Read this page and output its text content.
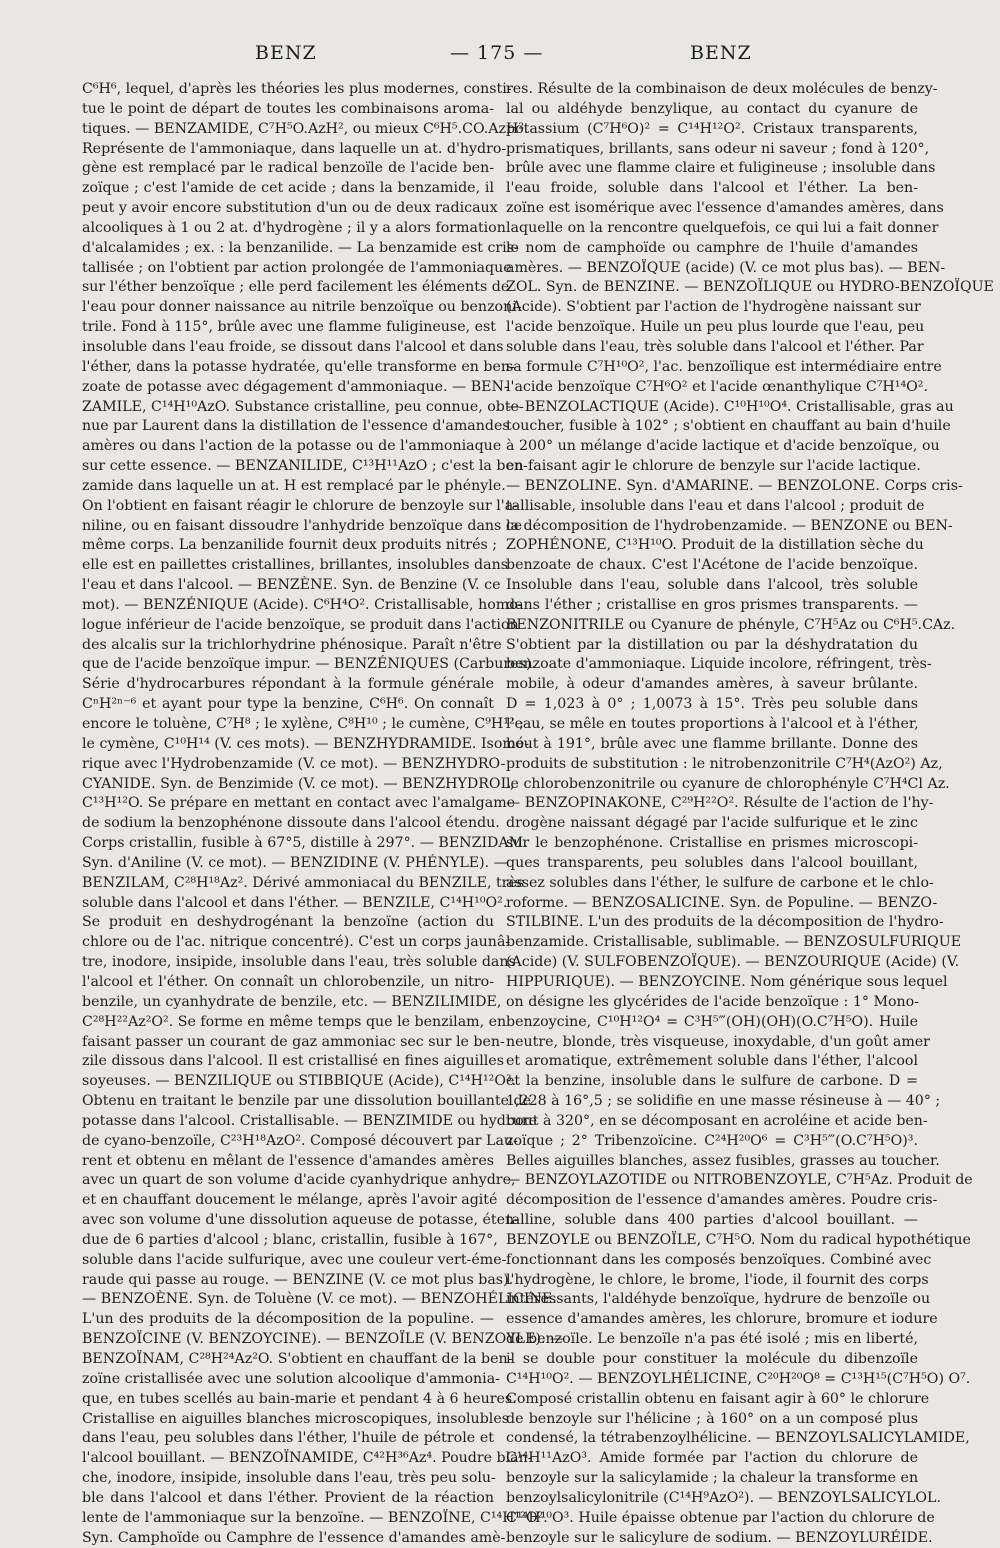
BENZ	— 175 —	BENZ

C⁶H⁶, lequel, d'après les théories les plus modernes, consti-

tue le point de départ de toutes les combinaisons aroma-

tiques. — BENZAMIDE, C⁷H⁵O.AzH², ou mieux C⁶H⁵.CO.AzH².

Représente de l'ammoniaque, dans laquelle un at. d'hydro-

gène est remplacé par le radical benzoïle de l'acide ben-

zoïque ; c'est l'amide de cet acide ; dans la benzamide, il

peut y avoir encore substitution d'un ou de deux radicaux

alcooliques à 1 ou 2 at. d'hydrogène ; il y a alors formation

d'alcalamides ; ex. : la benzanilide. — La benzamide est cris-

tallisée ; on l'obtient par action prolongée de l'ammoniaque

sur l'éther benzoïque ; elle perd facilement les éléments de

l'eau pour donner naissance au nitrile benzoïque ou benzoni-

trile. Fond à 115°, brûle avec une flamme fuligineuse, est

insoluble dans l'eau froide, se dissout dans l'alcool et dans

l'éther, dans la potasse hydratée, qu'elle transforme en ben-

zoate de potasse avec dégagement d'ammoniaque. — BEN-

ZAMILE, C¹⁴H¹⁰AzO. Substance cristalline, peu connue, obte-

nue par Laurent dans la distillation de l'essence d'amandes

amères ou dans l'action de la potasse ou de l'ammoniaque

sur cette essence. — BENZANILIDE, C¹³H¹¹AzO ; c'est la ben-

zamide dans laquelle un at. H est remplacé par le phényle.

On l'obtient en faisant réagir le chlorure de benzoyle sur l'a-

niline, ou en faisant dissoudre l'anhydride benzoïque dans ce

même corps. La benzanilide fournit deux produits nitrés ;

elle est en paillettes cristallines, brillantes, insolubles dans

l'eau et dans l'alcool. — BENZÈNE. Syn. de Benzine (V. ce

mot). — BENZÉNIQUE (Acide). C⁶H⁴O². Cristallisable, homo-

logue inférieur de l'acide benzoïque, se produit dans l'action

des alcalis sur la trichlorhydrine phénosique. Paraît n'être

que de l'acide benzoïque impur. — BENZÉNIQUES (Carbures).

Série d'hydrocarbures répondant à la formule générale

CⁿH²ⁿ⁻⁶ et ayant pour type la benzine, C⁶H⁶. On connaît

encore le toluène, C⁷H⁸ ; le xylène, C⁸H¹⁰ ; le cumène, C⁹H¹² ;

le cymène, C¹⁰H¹⁴ (V. ces mots). — BENZHYDRAMIDE. Isomé-

rique avec l'Hydrobenzamide (V. ce mot). — BENZHYDRO-

CYANIDE. Syn. de Benzimide (V. ce mot). — BENZHYDROL,

C¹³H¹²O. Se prépare en mettant en contact avec l'amalgame

de sodium la benzophénone dissoute dans l'alcool étendu.

Corps cristallin, fusible à 67°5, distille à 297°. — BENZIDAM.

Syn. d'Aniline (V. ce mot). — BENZIDINE (V. PHÉNYLE). —

BENZILAM, C²⁸H¹⁸Az². Dérivé ammoniacal du BENZILE, très

soluble dans l'alcool et dans l'éther. — BENZILE, C¹⁴H¹⁰O².

Se produit en deshydrogénant la benzoïne (action du

chlore ou de l'ac. nitrique concentré). C'est un corps jaunâ-

tre, inodore, insipide, insoluble dans l'eau, très soluble dans

l'alcool et l'éther. On connaît un chlorobenzile, un nitro-

benzile, un cyanhydrate de benzile, etc. — BENZILIMIDE,

C²⁸H²²Az²O². Se forme en même temps que le benzilam, en

faisant passer un courant de gaz ammoniac sec sur le ben-

zile dissous dans l'alcool. Il est cristallisé en fines aiguilles

soyeuses. — BENZILIQUE ou STIBBIQUE (Acide), C¹⁴H¹²O³.

Obtenu en traitant le benzile par une dissolution bouillante de

potasse dans l'alcool. Cristallisable. — BENZIMIDE ou hydrure

de cyano-benzoïle, C²³H¹⁸AzO². Composé découvert par Lau-

rent et obtenu en mêlant de l'essence d'amandes amères

avec un quart de son volume d'acide cyanhydrique anhydre,

et en chauffant doucement le mélange, après l'avoir agité

avec son volume d'une dissolution aqueuse de potasse, éten-

due de 6 parties d'alcool ; blanc, cristallin, fusible à 167°,

soluble dans l'acide sulfurique, avec une couleur vert-éme-

raude qui passe au rouge. — BENZINE (V. ce mot plus bas).

— BENZOÈNE. Syn. de Toluène (V. ce mot). — BENZOHÉLICINE.

L'un des produits de la décomposition de la populine. —

BENZOÏCINE (V. BENZOYCINE). — BENZOÏLE (V. BENZOYLE). —

BENZOÏNAM, C²⁸H²⁴Az²O. S'obtient en chauffant de la ben-

zoïne cristallisée avec une solution alcoolique d'ammonia-

que, en tubes scellés au bain-marie et pendant 4 à 6 heures.

Cristallise en aiguilles blanches microscopiques, insolubles

dans l'eau, peu solubles dans l'éther, l'huile de pétrole et

l'alcool bouillant. — BENZOÏNAMIDE, C⁴²H³⁶Az⁴. Poudre blan-

che, inodore, insipide, insoluble dans l'eau, très peu solu-

ble dans l'alcool et dans l'éther. Provient de la réaction

lente de l'ammoniaque sur la benzoïne. — BENZOÏNE, C¹⁴H¹²O².

Syn. Camphoïde ou Camphre de l'essence d'amandes amè-

res. Résulte de la combinaison de deux molécules de benzy-

lal ou aldéhyde benzylique, au contact du cyanure de

potassium (C⁷H⁶O)² = C¹⁴H¹²O². Cristaux transparents,

prismatiques, brillants, sans odeur ni saveur ; fond à 120°,

brûle avec une flamme claire et fuligineuse ; insoluble dans

l'eau froide, soluble dans l'alcool et l'éther. La ben-

zoïne est isomérique avec l'essence d'amandes amères, dans

laquelle on la rencontre quelquefois, ce qui lui a fait donner

le nom de camphoïde ou camphre de l'huile d'amandes

amères. — BENZOÏQUE (acide) (V. ce mot plus bas). — BEN-

ZOL. Syn. de BENZINE. — BENZOÏLIQUE ou HYDRO-BENZOÏQUE

(Acide). S'obtient par l'action de l'hydrogène naissant sur

l'acide benzoïque. Huile un peu plus lourde que l'eau, peu

soluble dans l'eau, très soluble dans l'alcool et l'éther. Par

sa formule C⁷H¹⁰O², l'ac. benzoïlique est intermédiaire entre

l'acide benzoïque C⁷H⁶O² et l'acide œnanthylique C⁷H¹⁴O².

— BENZOLACTIQUE (Acide). C¹⁰H¹⁰O⁴. Cristallisable, gras au

toucher, fusible à 102° ; s'obtient en chauffant au bain d'huile

à 200° un mélange d'acide lactique et d'acide benzoïque, ou

en faisant agir le chlorure de benzyle sur l'acide lactique.

— BENZOLINE. Syn. d'AMARINE. — BENZOLONE. Corps cris-

tallisable, insoluble dans l'eau et dans l'alcool ; produit de

la décomposition de l'hydrobenzamide. — BENZONE ou BEN-

ZOPHÉNONE, C¹³H¹⁰O. Produit de la distillation sèche du

benzoate de chaux. C'est l'Acétone de l'acide benzoïque.

Insoluble dans l'eau, soluble dans l'alcool, très soluble

dans l'éther ; cristallise en gros prismes transparents. —

BENZONITRILE ou Cyanure de phényle, C⁷H⁵Az ou C⁶H⁵.CAz.

S'obtient par la distillation ou par la déshydratation du

benzoate d'ammoniaque. Liquide incolore, réfringent, très-

mobile, à odeur d'amandes amères, à saveur brûlante.

D = 1,023 à 0° ; 1,0073 à 15°. Très peu soluble dans

l'eau, se mêle en toutes proportions à l'alcool et à l'éther,

bout à 191°, brûle avec une flamme brillante. Donne des

produits de substitution : le nitrobenzonitrile C⁷H⁴(AzO²) Az,

le chlorobenzonitrile ou cyanure de chlorophényle C⁷H⁴Cl Az.

— BENZOPINAKONE, C²⁹H²²O². Résulte de l'action de l'hy-

drogène naissant dégagé par l'acide sulfurique et le zinc

sur le benzophénone. Cristallise en prismes microscopi-

ques transparents, peu solubles dans l'alcool bouillant,

assez solubles dans l'éther, le sulfure de carbone et le chlo-

roforme. — BENZOSALICINE. Syn. de Populine. — BENZO-

STILBINE. L'un des produits de la décomposition de l'hydro-

benzamide. Cristallisable, sublimable. — BENZOSULFURIQUE

(Acide) (V. SULFOBENZOÏQUE). — BENZOURIQUE (Acide) (V.

HIPPURIQUE). — BENZOYCINE. Nom générique sous lequel

on désigne les glycérides de l'acide benzoïque : 1° Mono-

benzoycine, C¹⁰H¹²O⁴ = C³H⁵‴(OH)(OH)(O.C⁷H⁵O). Huile

neutre, blonde, très visqueuse, inoxydable, d'un goût amer

et aromatique, extrêmement soluble dans l'éther, l'alcool

et la benzine, insoluble dans le sulfure de carbone. D =

1,228 à 16°,5 ; se solidifie en une masse résineuse à — 40° ;

bout à 320°, en se décomposant en acroléine et acide ben-

zoïque ; 2° Tribenzoïcine. C²⁴H²⁰O⁶ = C³H⁵‴(O.C⁷H⁵O)³.

Belles aiguilles blanches, assez fusibles, grasses au toucher.

— BENZOYLAZOTIDE ou NITROBENZOYLE, C⁷H⁵Az. Produit de

décomposition de l'essence d'amandes amères. Poudre cris-

talline, soluble dans 400 parties d'alcool bouillant. —

BENZOYLE ou BENZOÏLE, C⁷H⁵O. Nom du radical hypothétique

fonctionnant dans les composés benzoïques. Combiné avec

l'hydrogène, le chlore, le brome, l'iode, il fournit des corps

intéressants, l'aldéhyde benzoïque, hydrure de benzoïle ou

essence d'amandes amères, les chlorure, bromure et iodure

de benzoïle. Le benzoïle n'a pas été isolé ; mis en liberté,

il se double pour constituer la molécule du dibenzoïle

C¹⁴H¹⁰O². — BENZOYLHÉLICINE, C²⁰H²⁰O⁸ = C¹³H¹⁵(C⁷H⁵O) O⁷.

Composé cristallin obtenu en faisant agir à 60° le chlorure

de benzoyle sur l'hélicine ; à 160° on a un composé plus

condensé, la tétrabenzoylhélicine. — BENZOYLSALICYLAMIDE,

C¹⁴H¹¹AzO³. Amide formée par l'action du chlorure de

benzoyle sur la salicylamide ; la chaleur la transforme en

benzoylsalicylonitrile (C¹⁴H⁹AzO²). — BENZOYLSALICYLOL.

C¹⁴H¹⁰O³. Huile épaisse obtenue par l'action du chlorure de

benzoyle sur le salicylure de sodium. — BENZOYLURÉIDE.
